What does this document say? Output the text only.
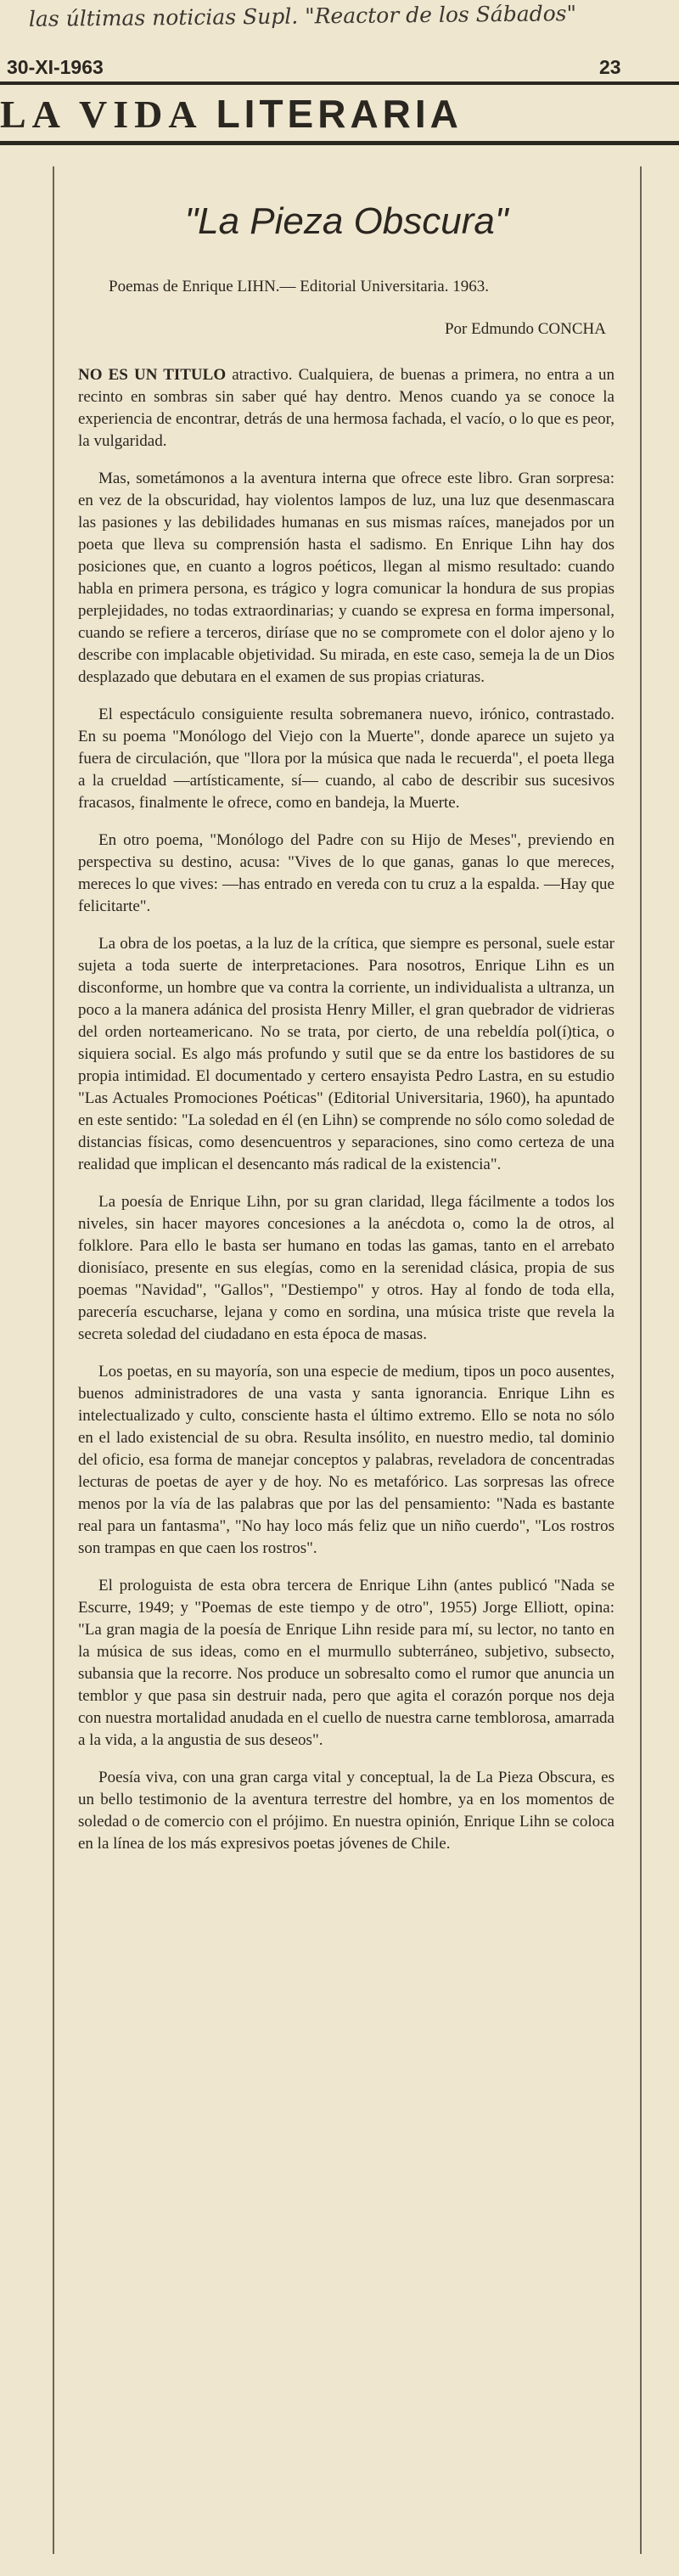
las últimas noticias Supl. "Reactor de los Sábados"
30-XI-1963	23
LA VIDA LITERARIA
"La Pieza Obscura"
Poemas de Enrique LIHN.— Editorial Universitaria. 1963.
Por Edmundo CONCHA

NO ES UN TITULO atractivo. Cualquiera, de buenas a primera, no entra a un recinto en sombras sin saber qué hay dentro. Menos cuando ya se conoce la experiencia de encontrar, detrás de una hermosa fachada, el vacío, o lo que es peor, la vulgaridad.

Mas, sometámonos a la aventura interna que ofrece este libro. Gran sorpresa: en vez de la obscuridad, hay violentos lampos de luz, una luz que desenmascara las pasiones y las debilidades humanas en sus mismas raíces, manejados por un poeta que lleva su comprensión hasta el sadismo. En Enrique Lihn hay dos posiciones que, en cuanto a logros poéticos, llegan al mismo resultado: cuando habla en primera persona, es trágico y logra comunicar la hondura de sus propias perplejidades, no todas extraordinarias; y cuando se expresa en forma impersonal, cuando se refiere a terceros, diríase que no se compromete con el dolor ajeno y lo describe con implacable objetividad. Su mirada, en este caso, semeja la de un Dios desplazado que debutara en el examen de sus propias criaturas.

El espectáculo consiguiente resulta sobremanera nuevo, irónico, contrastado. En su poema "Monólogo del Viejo con la Muerte", donde aparece un sujeto ya fuera de circulación, que "llora por la música que nada le recuerda", el poeta llega a la crueldad —artísticamente, sí— cuando, al cabo de describir sus sucesivos fracasos, finalmente le ofrece, como en bandeja, la Muerte.

En otro poema, "Monólogo del Padre con su Hijo de Meses", previendo en perspectiva su destino, acusa: "Vives de lo que ganas, ganas lo que mereces, mereces lo que vives: —has entrado en vereda con tu cruz a la espalda. —Hay que felicitarte".

La obra de los poetas, a la luz de la crítica, que siempre es personal, suele estar sujeta a toda suerte de interpretaciones. Para nosotros, Enrique Lihn es un disconforme, un hombre que va contra la corriente, un individualista a ultranza, un poco a la manera adánica del prosista Henry Miller, el gran quebrador de vidrieras del orden norteamericano. No se trata, por cierto, de una rebeldía pol(í)tica, o siquiera social. Es algo más profundo y sutil que se da entre los bastidores de su propia intimidad. El documentado y certero ensayista Pedro Lastra, en su estudio "Las Actuales Promociones Poéticas" (Editorial Universitaria, 1960), ha apuntado en este sentido: "La soledad en él (en Lihn) se comprende no sólo como soledad de distancias físicas, como desencuentros y separaciones, sino como certeza de una realidad que implican el desencanto más radical de la existencia".

La poesía de Enrique Lihn, por su gran claridad, llega fácilmente a todos los niveles, sin hacer mayores concesiones a la anécdota o, como la de otros, al folklore. Para ello le basta ser humano en todas las gamas, tanto en el arrebato dionisíaco, presente en sus elegías, como en la serenidad clásica, propia de sus poemas "Navidad", "Gallos", "Destiempo" y otros. Hay al fondo de toda ella, parecería escucharse, lejana y como en sordina, una música triste que revela la secreta soledad del ciudadano en esta época de masas.

Los poetas, en su mayoría, son una especie de medium, tipos un poco ausentes, buenos administradores de una vasta y santa ignorancia. Enrique Lihn es intelectualizado y culto, consciente hasta el último extremo. Ello se nota no sólo en el lado existencial de su obra. Resulta insólito, en nuestro medio, tal dominio del oficio, esa forma de manejar conceptos y palabras, reveladora de concentradas lecturas de poetas de ayer y de hoy. No es metafórico. Las sorpresas las ofrece menos por la vía de las palabras que por las del pensamiento: "Nada es bastante real para un fantasma", "No hay loco más feliz que un niño cuerdo", "Los rostros son trampas en que caen los rostros".

El prologuista de esta obra tercera de Enrique Lihn (antes publicó "Nada se Escurre, 1949; y "Poemas de este tiempo y de otro", 1955) Jorge Elliott, opina: "La gran magia de la poesía de Enrique Lihn reside para mí, su lector, no tanto en la música de sus ideas, como en el murmullo subterráneo, subjetivo, subsecto, subansia que la recorre. Nos produce un sobresalto como el rumor que anuncia un temblor y que pasa sin destruir nada, pero que agita el corazón porque nos deja con nuestra mortalidad anudada en el cuello de nuestra carne temblorosa, amarrada a la vida, a la angustia de sus deseos".

Poesía viva, con una gran carga vital y conceptual, la de La Pieza Obscura, es un bello testimonio de la aventura terrestre del hombre, ya en los momentos de soledad o de comercio con el prójimo. En nuestra opinión, Enrique Lihn se coloca en la línea de los más expresivos poetas jóvenes de Chile.
